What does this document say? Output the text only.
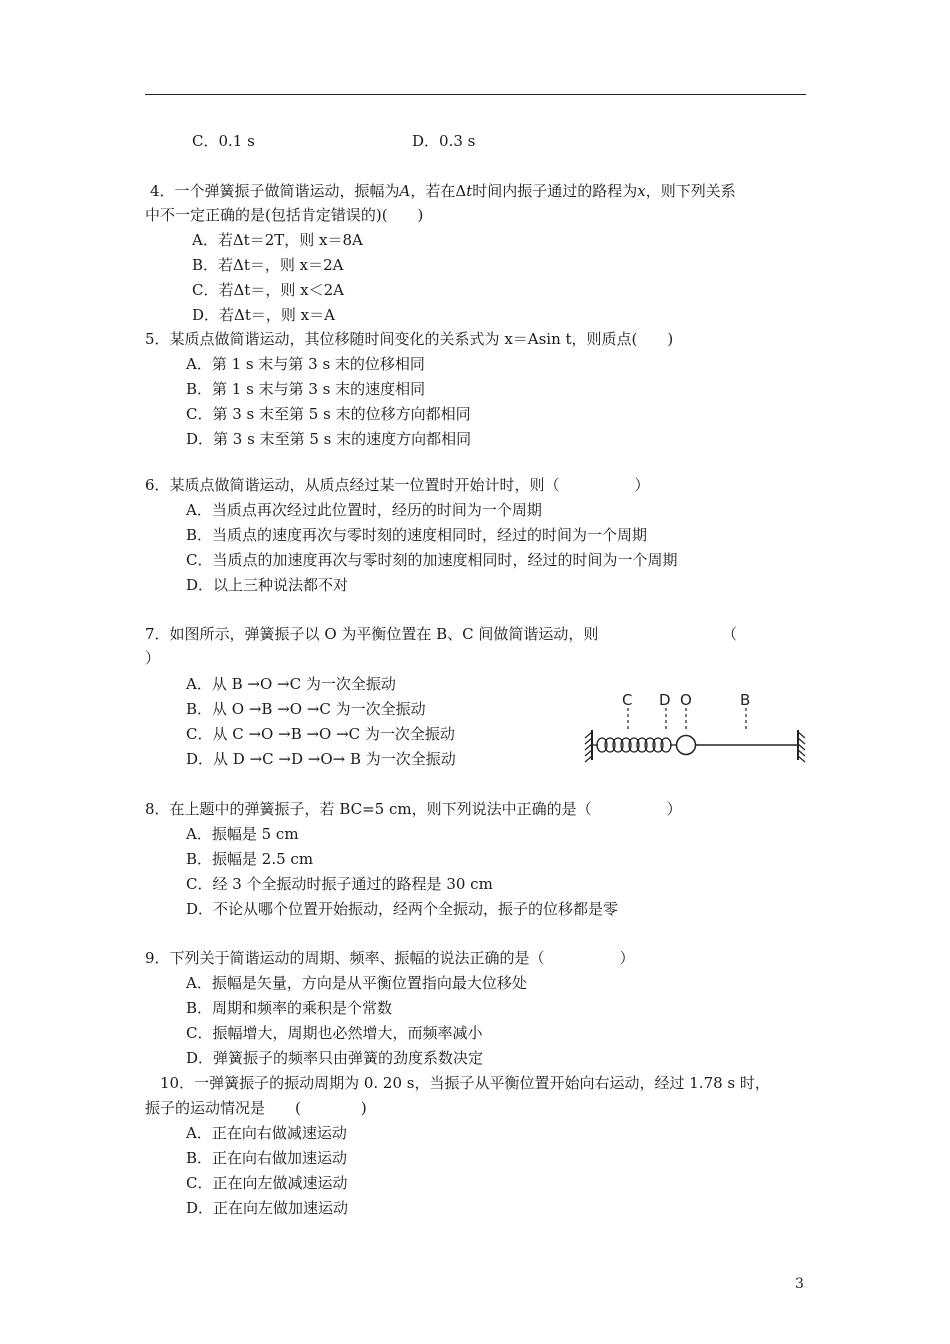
C．0.1 s	D．0.3 s
4．一个弹簧振子做简谐运动，振幅为A，若在Δt时间内振子通过的路程为x，则下列关系
中不一定正确的是(包括肯定错误的)(　　)
A．若Δt＝2T，则 x＝8A
B．若Δt＝，则 x＝2A
C．若Δt＝，则 x＜2A
D．若Δt＝，则 x＝A
5．某质点做简谐运动，其位移随时间变化的关系式为 x＝Asin t，则质点(　　)
A．第 1 s 末与第 3 s 末的位移相同
B．第 1 s 末与第 3 s 末的速度相同
C．第 3 s 末至第 5 s 末的位移方向都相同
D．第 3 s 末至第 5 s 末的速度方向都相同
6．某质点做简谐运动，从质点经过某一位置时开始计时，则（　　　　　）
A．当质点再次经过此位置时，经历的时间为一个周期
B．当质点的速度再次与零时刻的速度相同时，经过的时间为一个周期
C．当质点的加速度再次与零时刻的加速度相同时，经过的时间为一个周期
D．以上三种说法都不对
7．如图所示，弹簧振子以 O 为平衡位置在 B、C 间做简谐运动，则	（
）
A．从 B →O →C 为一次全振动
B．从 O →B →O →C 为一次全振动
C．从 C →O →B →O →C 为一次全振动
D．从 D →C →D →O→ B 为一次全振动
C D O	B
8．在上题中的弹簧振子，若 BC=5 cm，则下列说法中正确的是（　　　　　）
A．振幅是 5 cm
B．振幅是 2.5 cm
C．经 3 个全振动时振子通过的路程是 30 cm
D．不论从哪个位置开始振动，经两个全振动，振子的位移都是零
9．下列关于简谐运动的周期、频率、振幅的说法正确的是（　　　　　）
A．振幅是矢量，方向是从平衡位置指向最大位移处
B．周期和频率的乘积是个常数
C．振幅增大，周期也必然增大，而频率减小
D．弹簧振子的频率只由弹簧的劲度系数决定
10．一弹簧振子的振动周期为 0. 20 s，当振子从平衡位置开始向右运动，经过 1.78 s 时，
振子的运动情况是　　(　　　　)
A．正在向右做减速运动
B．正在向右做加速运动
C．正在向左做减速运动
D．正在向左做加速运动
3
